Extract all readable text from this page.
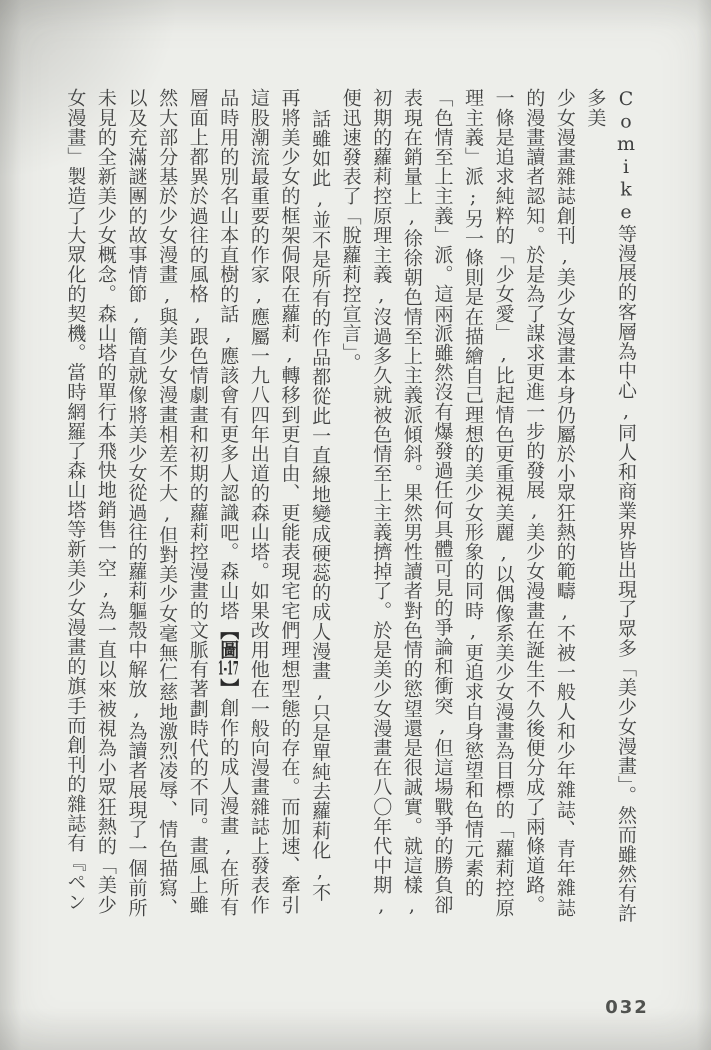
Comike等漫展的客層為中心,同人和商業界皆出現了眾多「美少女漫畫」。然而雖然有許多美
少女漫畫雜誌創刊,美少女漫畫本身仍屬於小眾狂熱的範疇,不被一般人和少年雜誌、青年雜誌
的漫畫讀者認知。於是為了謀求更進一步的發展,美少女漫畫在誕生不久後便分成了兩條道路。
一條是追求純粹的「少女愛」,比起情色更重視美麗,以偶像系美少女漫畫為目標的「蘿莉控原
理主義」派;另一條則是在描繪自己理想的美少女形象的同時,更追求自身慾望和色情元素的
「色情至上主義」派。這兩派雖然沒有爆發過任何具體可見的爭論和衝突,但這場戰爭的勝負卻
表現在銷量上,徐徐朝色情至上主義派傾斜。果然男性讀者對色情的慾望還是很誠實。就這樣,
初期的蘿莉控原理主義,沒過多久就被色情至上主義擠掉了。於是美少女漫畫在八〇年代中期,
便迅速發表了「脫蘿莉控宣言」。
話雖如此,並不是所有的作品都從此一直線地變成硬蕊的成人漫畫,只是單純去蘿莉化,不
再將美少女的框架侷限在蘿莉,轉移到更自由、更能表現宅宅們理想型態的存在。而加速、牽引
這股潮流最重要的作家,應屬一九八四年出道的森山塔。如果改用他在一般向漫畫雜誌上發表作
品時用的別名山本直樹的話,應該會有更多人認識吧。森山塔【圖1-17】創作的成人漫畫,在所有
層面上都異於過往的風格,跟色情劇畫和初期的蘿莉控漫畫的文脈有著劃時代的不同。畫風上雖
然大部分基於少女漫畫,與美少女漫畫相差不大,但對美少女毫無仁慈地激烈凌辱、情色描寫、
以及充滿謎團的故事情節,簡直就像將美少女從過往的蘿莉軀殼中解放,為讀者展現了一個前所
未見的全新美少女概念。森山塔的單行本飛快地銷售一空,為一直以來被視為小眾狂熱的「美少
女漫畫」製造了大眾化的契機。當時網羅了森山塔等新美少女漫畫的旗手而創刊的雜誌有『ペン
032
